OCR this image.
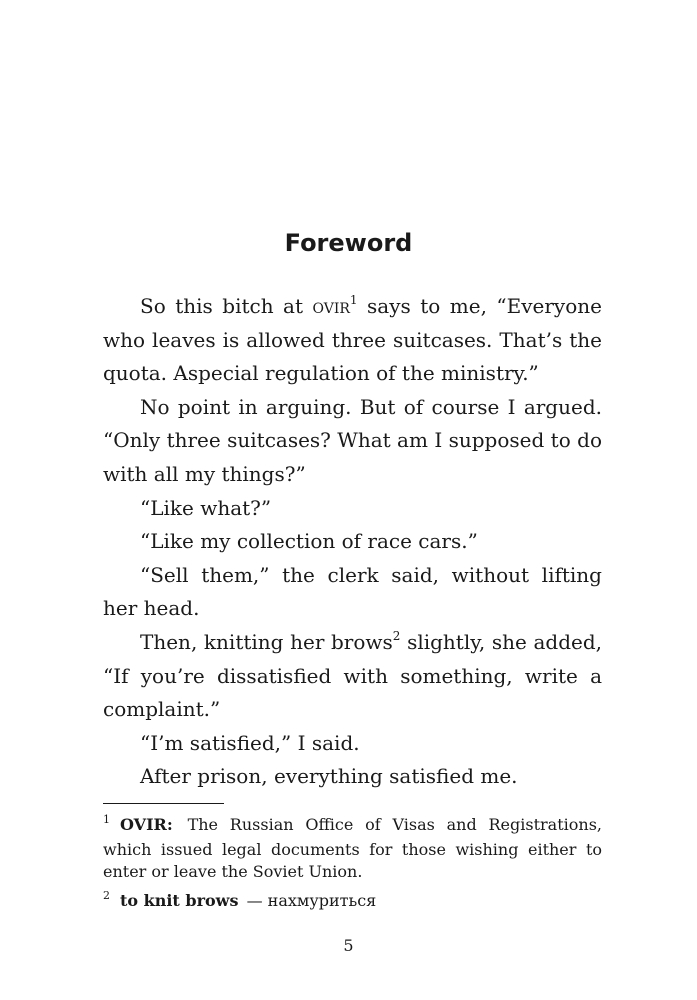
Foreword

So this bitch at ovir$^1$ says to me, “Everyone who leaves is allowed three suitcases. That’s the quota. Aspecial regulation of the ministry.”

No point in arguing. But of course I argued. “Only three suitcases? What am I supposed to do with all my things?”

“Like what?”

“Like my collection of race cars.”

“Sell them,” the clerk said, without lifting her head.

Then, knitting her brows$^2$ slightly, she added, “If you’re dissatisfied with something, write a complaint.”

“I’m satisfied,” I said.

After prison, everything satisfied me.

$^1$ OVIR: The Russian Office of Visas and Registrations, which issued legal documents for those wishing either to enter or leave the Soviet Union.

$^2$ to knit brows — нахмуриться

5
